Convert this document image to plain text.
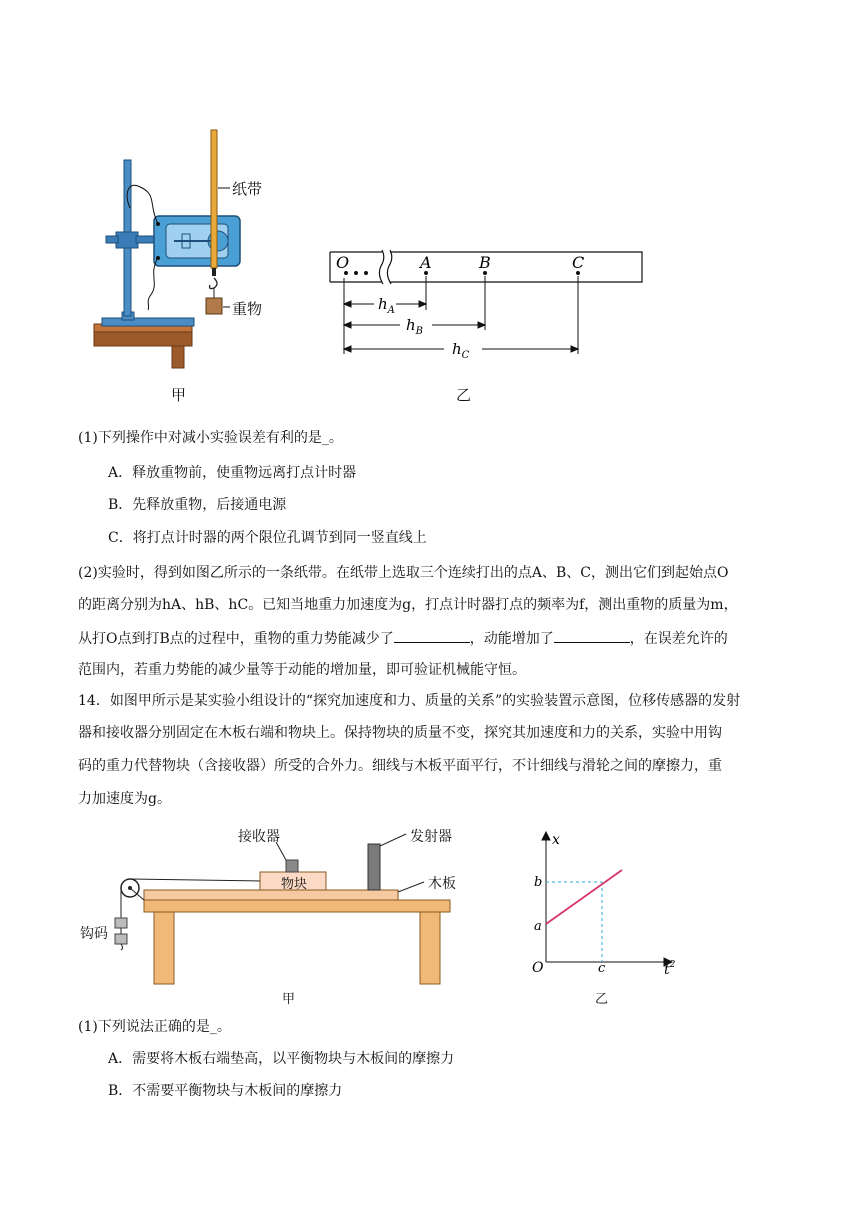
纸带
重物
甲
O	A	B	C
$h_A$
$h_B$
$h_C$
乙
(1)下列操作中对减小实验误差有利的是_。
A．释放重物前，使重物远离打点计时器
B．先释放重物，后接通电源
C．将打点计时器的两个限位孔调节到同一竖直线上
(2)实验时，得到如图乙所示的一条纸带。在纸带上选取三个连续打出的点A、B、C，测出它们到起始点O
的距离分别为hA、hB、hC。已知当地重力加速度为g，打点计时器打点的频率为f，测出重物的质量为m，
从打O点到打B点的过程中，重物的重力势能减少了	，动能增加了	，在误差允许的
范围内，若重力势能的减少量等于动能的增加量，即可验证机械能守恒。
14．如图甲所示是某实验小组设计的“探究加速度和力、质量的关系”的实验装置示意图，位移传感器的发射
器和接收器分别固定在木板右端和物块上。保持物块的质量不变，探究其加速度和力的关系，实验中用钩
码的重力代替物块（含接收器）所受的合外力。细线与木板平面平行，不计细线与滑轮之间的摩擦力，重
力加速度为g。
接收器	发射器
物块	木板
钩码
甲
x
$t^2$
O
b
a
c
乙
(1)下列说法正确的是_。
A．需要将木板右端垫高，以平衡物块与木板间的摩擦力
B．不需要平衡物块与木板间的摩擦力
